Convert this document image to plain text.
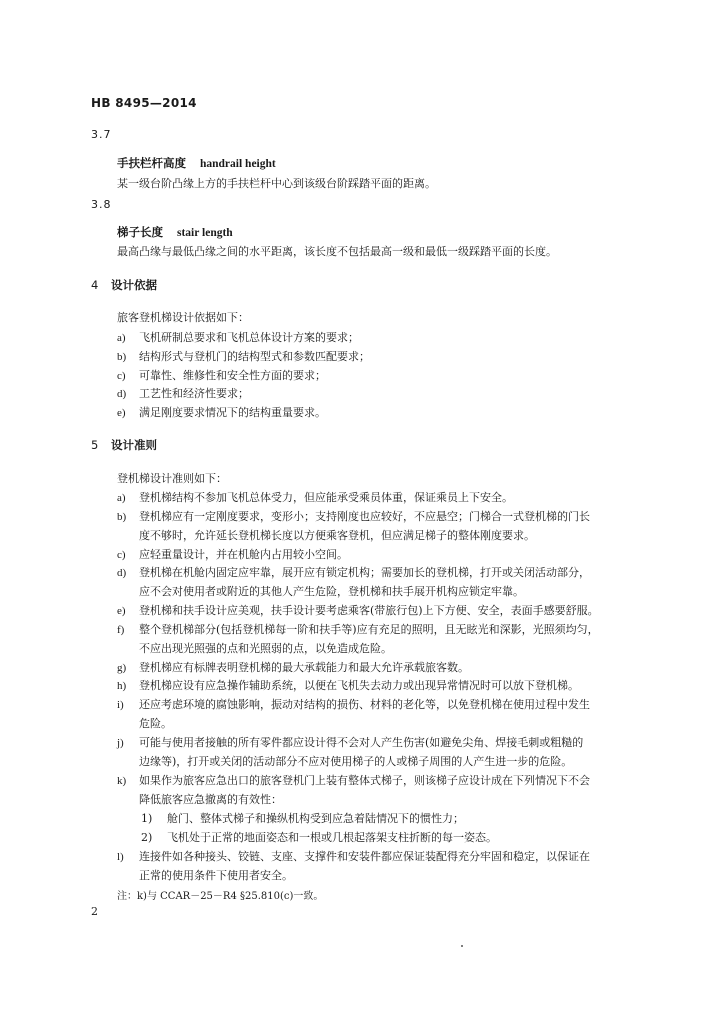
HB 8495—2014
3.7
手扶栏杆高度 handrail height
某一级台阶凸缘上方的手扶栏杆中心到该级台阶踩踏平面的距离。
3.8
梯子长度 stair length
最高凸缘与最低凸缘之间的水平距离，该长度不包括最高一级和最低一级踩踏平面的长度。
4 设计依据
旅客登机梯设计依据如下：
a) 飞机研制总要求和飞机总体设计方案的要求；
b) 结构形式与登机门的结构型式和参数匹配要求；
c) 可靠性、维修性和安全性方面的要求；
d) 工艺性和经济性要求；
e) 满足刚度要求情况下的结构重量要求。
5 设计准则
登机梯设计准则如下：
a) 登机梯结构不参加飞机总体受力，但应能承受乘员体重，保证乘员上下安全。
b) 登机梯应有一定刚度要求，变形小；支持刚度也应较好，不应悬空；门梯合一式登机梯的门长
度不够时，允许延长登机梯长度以方便乘客登机，但应满足梯子的整体刚度要求。
c) 应轻重量设计，并在机舱内占用较小空间。
d) 登机梯在机舱内固定应牢靠，展开应有锁定机构；需要加长的登机梯，打开或关闭活动部分，
应不会对使用者或附近的其他人产生危险，登机梯和扶手展开机构应锁定牢靠。
e) 登机梯和扶手设计应美观，扶手设计要考虑乘客(带旅行包)上下方便、安全，表面手感要舒服。
f) 整个登机梯部分(包括登机梯每一阶和扶手等)应有充足的照明，且无眩光和深影，光照须均匀，
不应出现光照强的点和光照弱的点，以免造成危险。
g) 登机梯应有标牌表明登机梯的最大承载能力和最大允许承载旅客数。
h) 登机梯应设有应急操作辅助系统，以便在飞机失去动力或出现异常情况时可以放下登机梯。
i) 还应考虑环境的腐蚀影响，振动对结构的损伤、材料的老化等，以免登机梯在使用过程中发生
危险。
j) 可能与使用者接触的所有零件都应设计得不会对人产生伤害(如避免尖角、焊接毛刺或粗糙的
边缘等)，打开或关闭的活动部分不应对使用梯子的人或梯子周围的人产生进一步的危险。
k) 如果作为旅客应急出口的旅客登机门上装有整体式梯子，则该梯子应设计成在下列情况下不会
降低旅客应急撤离的有效性：
1) 舱门、整体式梯子和操纵机构受到应急着陆情况下的惯性力；
2) 飞机处于正常的地面姿态和一根或几根起落架支柱折断的每一姿态。
l) 连接件如各种接头、铰链、支座、支撑件和安装件都应保证装配得充分牢固和稳定，以保证在
正常的使用条件下使用者安全。
注：k)与 CCAR－25－R4 §25.810(c)一致。
2
